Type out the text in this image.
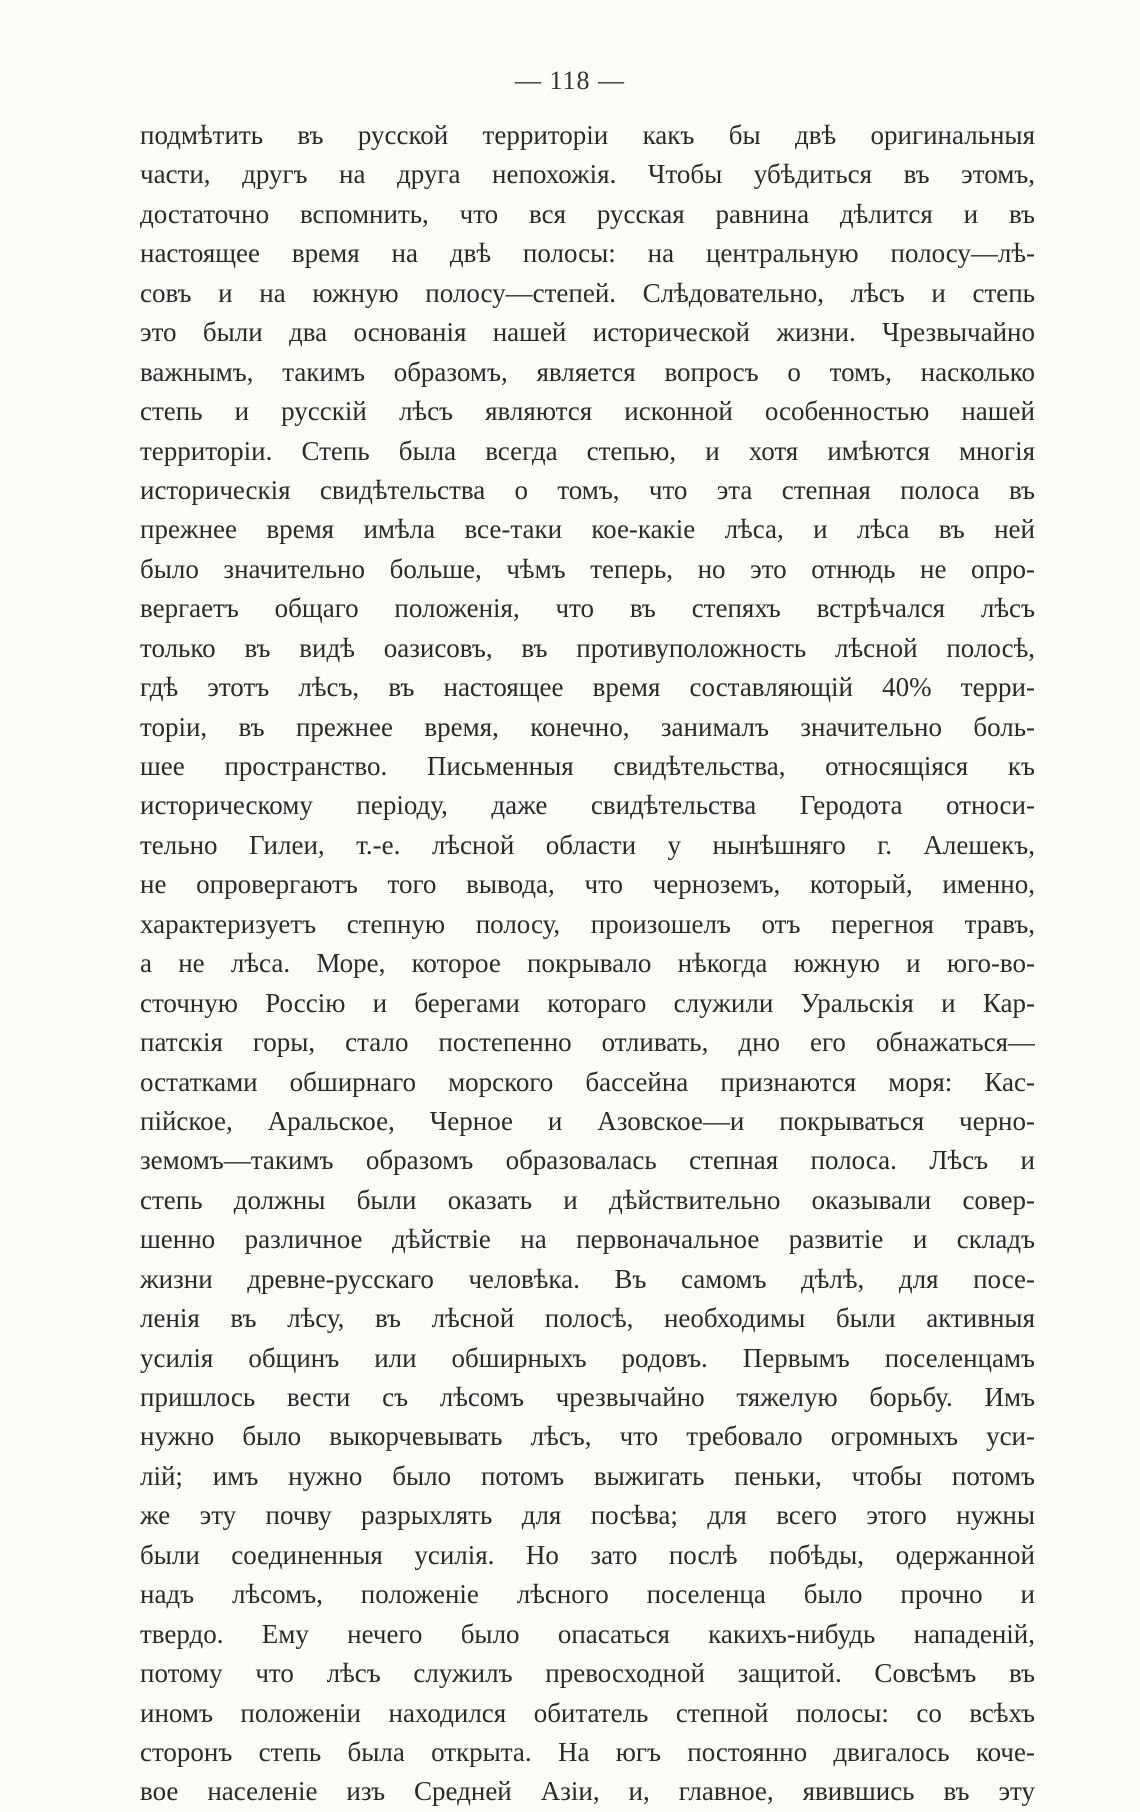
— 118 —
подмѣтить въ русской территоріи какъ бы двѣ оригинальныя
части, другъ на друга непохожія. Чтобы убѣдиться въ этомъ,
достаточно вспомнить, что вся русская равнина дѣлится и въ
настоящее время на двѣ полосы: на центральную полосу—лѣ-
совъ и на южную полосу—степей. Слѣдовательно, лѣсъ и степь
это были два основанія нашей исторической жизни. Чрезвычайно
важнымъ, такимъ образомъ, является вопросъ о томъ, насколько
степь и русскій лѣсъ являются исконной особенностью нашей
территоріи. Степь была всегда степью, и хотя имѣются многія
историческія свидѣтельства о томъ, что эта степная полоса въ
прежнее время имѣла все-таки кое-какіе лѣса, и лѣса въ ней
было значительно больше, чѣмъ теперь, но это отнюдь не опро-
вергаетъ общаго положенія, что въ степяхъ встрѣчался лѣсъ
только въ видѣ оазисовъ, въ противуположность лѣсной полосѣ,
гдѣ этотъ лѣсъ, въ настоящее время составляющій 40% терри-
торіи, въ прежнее время, конечно, занималъ значительно боль-
шее пространство. Письменныя свидѣтельства, относящіяся къ
историческому періоду, даже свидѣтельства Геродота относи-
тельно Гилеи, т.-е. лѣсной области у нынѣшняго г. Алешекъ,
не опровергаютъ того вывода, что черноземъ, который, именно,
характеризуетъ степную полосу, произошелъ отъ перегноя травъ,
а не лѣса. Море, которое покрывало нѣкогда южную и юго-во-
сточную Россію и берегами котораго служили Уральскія и Кар-
патскія горы, стало постепенно отливать, дно его обнажаться—
остатками обширнаго морского бассейна признаются моря: Кас-
пійское, Аральское, Черное и Азовское—и покрываться черно-
земомъ—такимъ образомъ образовалась степная полоса. Лѣсъ и
степь должны были оказать и дѣйствительно оказывали совер-
шенно различное дѣйствіе на первоначальное развитіе и складъ
жизни древне-русскаго человѣка. Въ самомъ дѣлѣ, для посе-
ленія въ лѣсу, въ лѣсной полосѣ, необходимы были активныя
усилія общинъ или обширныхъ родовъ. Первымъ поселенцамъ
пришлось вести съ лѣсомъ чрезвычайно тяжелую борьбу. Имъ
нужно было выкорчевывать лѣсъ, что требовало огромныхъ уси-
лій; имъ нужно было потомъ выжигать пеньки, чтобы потомъ
же эту почву разрыхлять для посѣва; для всего этого нужны
были соединенныя усилія. Но зато послѣ побѣды, одержанной
надъ лѣсомъ, положеніе лѣсного поселенца было прочно и
твердо. Ему нечего было опасаться какихъ-нибудь нападеній,
потому что лѣсъ служилъ превосходной защитой. Совсѣмъ въ
иномъ положеніи находился обитатель степной полосы: со всѣхъ
сторонъ степь была открыта. На югъ постоянно двигалось коче-
вое населеніе изъ Средней Азіи, и, главное, явившись въ эту
